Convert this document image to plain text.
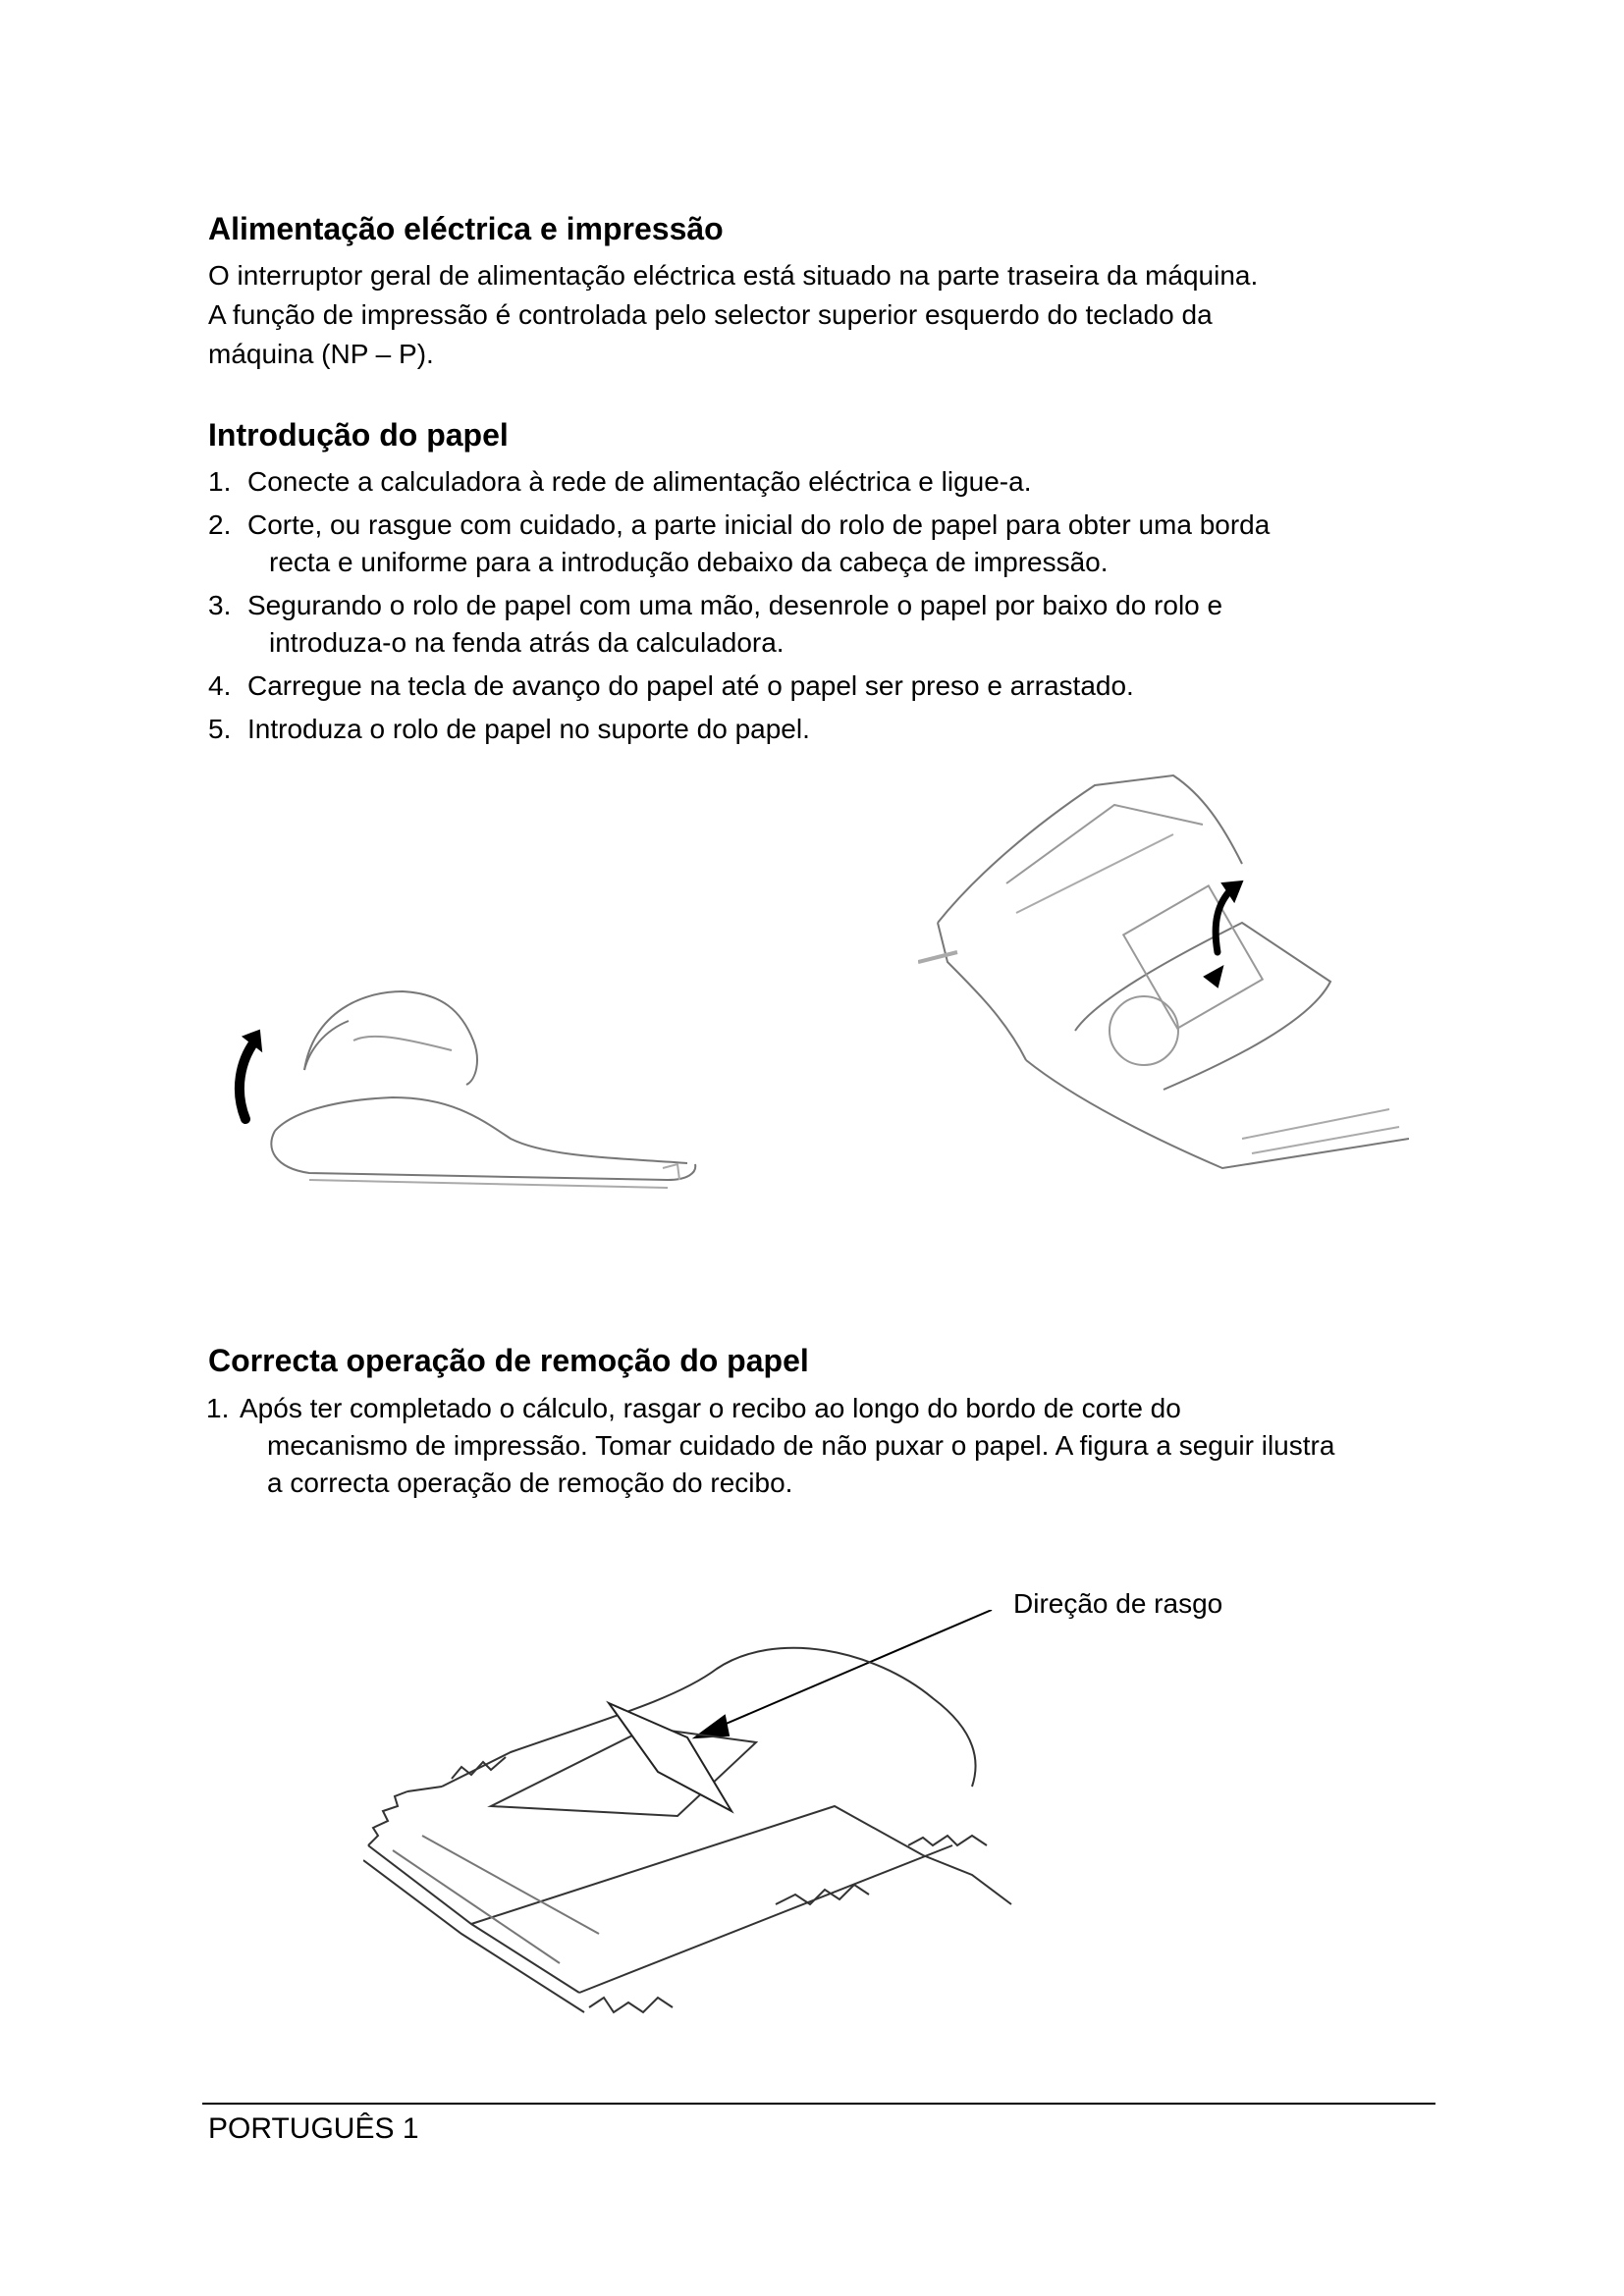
Alimentação eléctrica e impressão
O interruptor geral de alimentação eléctrica está situado na parte traseira da máquina.
A função de impressão é controlada pelo selector superior esquerdo do teclado da
máquina (NP – P).
Introdução do papel
1. Conecte a calculadora à rede de alimentação eléctrica e ligue-a.
2. Corte, ou rasgue com cuidado, a parte inicial do rolo de papel para obter uma borda
recta e uniforme para a introdução debaixo da cabeça de impressão.
3. Segurando o rolo de papel com uma mão, desenrole o papel por baixo do rolo e
introduza-o na fenda atrás da calculadora.
4. Carregue na tecla de avanço do papel até o papel ser preso e arrastado.
5. Introduza o rolo de papel no suporte do papel.
Correcta operação de remoção do papel
1. Após ter completado o cálculo, rasgar o recibo ao longo do bordo de corte do
mecanismo de impressão. Tomar cuidado de não puxar o papel. A figura a seguir ilustra
a correcta operação de remoção do recibo.
Direção de rasgo
PORTUGUÊS 1
